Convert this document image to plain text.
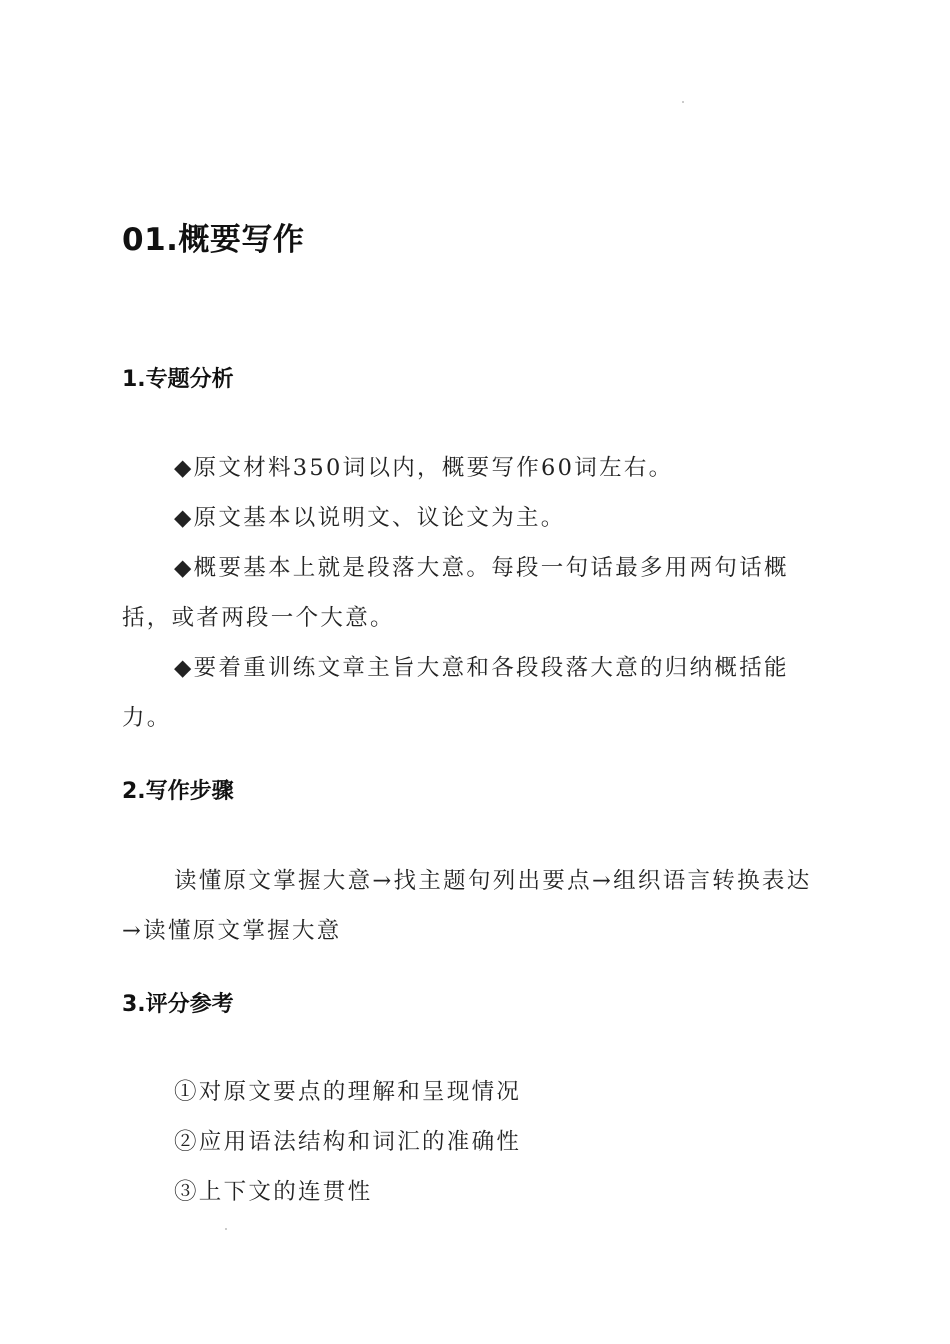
01.概要写作
1.专题分析

◆原文材料350词以内，概要写作60词左右。

◆原文基本以说明文、议论文为主。

◆概要基本上就是段落大意。每段一句话最多用两句话概括，或者两段一个大意。

◆要着重训练文章主旨大意和各段段落大意的归纳概括能力。

2.写作步骤

读懂原文掌握大意→找主题句列出要点→组织语言转换表达→读懂原文掌握大意

3.评分参考

①对原文要点的理解和呈现情况

②应用语法结构和词汇的准确性

③上下文的连贯性
